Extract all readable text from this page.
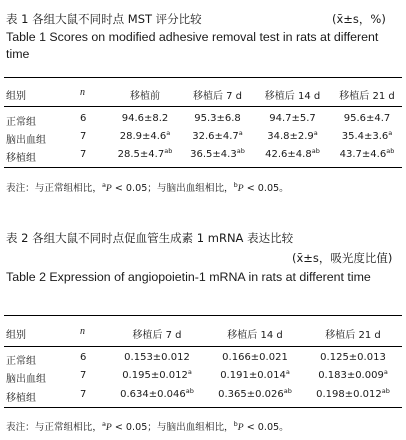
表 1 各组大鼠不同时点 MST 评分比较	(x̄±s，%)
Table 1 Scores on modified adhesive removal test in rats at different time
组别	n	移植前	移植后 7 d	移植后 14 d	移植后 21 d
正常组	6	94.6±8.2	95.3±6.8	94.7±5.7	95.6±4.7
脑出血组	7	28.9±4.6$^a$	32.6±4.7$^a$	34.8±2.9$^a$	35.4±3.6$^a$
移植组	7	28.5±4.7$^{ab}$	36.5±4.3$^{ab}$	42.6±4.8$^{ab}$	43.7±4.6$^{ab}$
表注：与正常组相比，$^a$P < 0.05；与脑出血组相比，$^b$P < 0.05。
表 2 各组大鼠不同时点促血管生成素 1 mRNA 表达比较
(x̄±s，吸光度比值)
Table 2 Expression of angiopoietin-1 mRNA in rats at different time
组别	n	移植后 7 d	移植后 14 d	移植后 21 d
正常组	6	0.153±0.012	0.166±0.021	0.125±0.013
脑出血组	7	0.195±0.012$^a$	0.191±0.014$^a$	0.183±0.009$^a$
移植组	7	0.634±0.046$^{ab}$	0.365±0.026$^{ab}$	0.198±0.012$^{ab}$
表注：与正常组相比，$^a$P < 0.05；与脑出血组相比，$^b$P < 0.05。
